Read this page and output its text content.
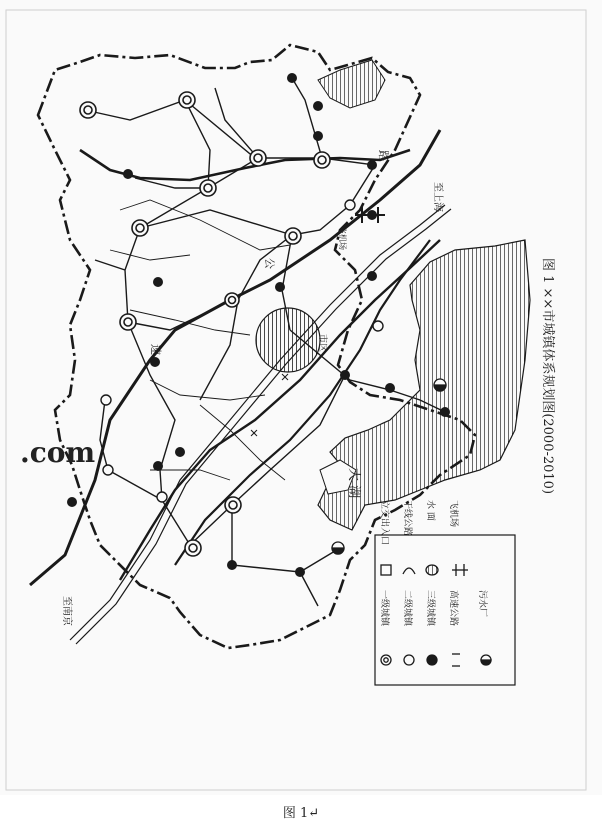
市区
飞机场
公
速
路
大 湖
至上海
至南京
.com
一级城镇 二级城镇 三级城镇 高速公路 污水厂
立交出入口 干线公路 水 面 飞机场
图 1 ××市城镇体系规划图(2000-2010)
图 1↵
